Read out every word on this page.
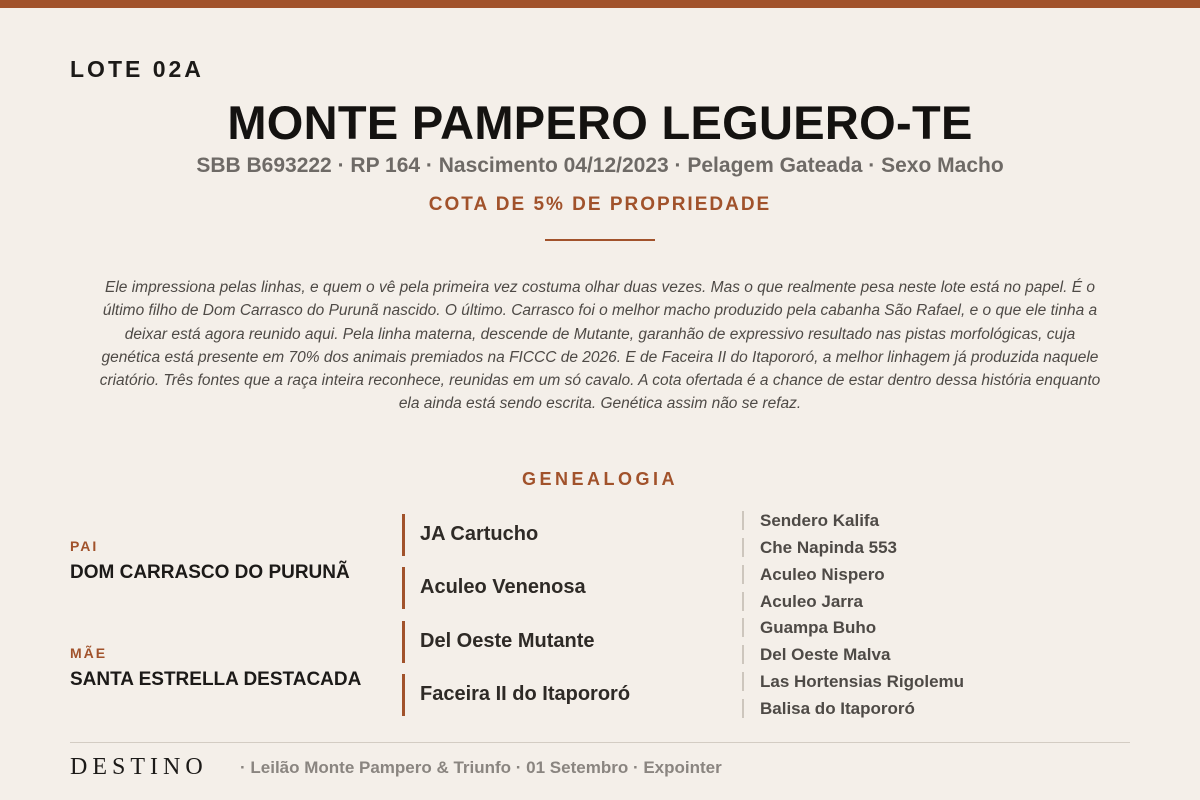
LOTE 02A
MONTE PAMPERO LEGUERO-TE
SBB B693222 · RP 164 · Nascimento 04/12/2023 · Pelagem Gateada · Sexo Macho
COTA DE 5% DE PROPRIEDADE
Ele impressiona pelas linhas, e quem o vê pela primeira vez costuma olhar duas vezes. Mas o que realmente pesa neste lote está no papel. É o último filho de Dom Carrasco do Purunã nascido. O último. Carrasco foi o melhor macho produzido pela cabanha São Rafael, e o que ele tinha a deixar está agora reunido aqui. Pela linha materna, descende de Mutante, garanhão de expressivo resultado nas pistas morfológicas, cuja genética está presente em 70% dos animais premiados na FICCC de 2026. E de Faceira II do Itapororó, a melhor linhagem já produzida naquele criatório. Três fontes que a raça inteira reconhece, reunidas em um só cavalo. A cota ofertada é a chance de estar dentro dessa história enquanto ela ainda está sendo escrita. Genética assim não se refaz.
GENEALOGIA
PAI
DOM CARRASCO DO PURUNÃ
MÃE
SANTA ESTRELLA DESTACADA
JA Cartucho
Aculeo Venenosa
Del Oeste Mutante
Faceira II do Itapororó
Sendero Kalifa
Che Napinda 553
Aculeo Nispero
Aculeo Jarra
Guampa Buho
Del Oeste Malva
Las Hortensias Rigolemu
Balisa do Itapororó
DESTINO · Leilão Monte Pampero & Triunfo · 01 Setembro · Expointer
